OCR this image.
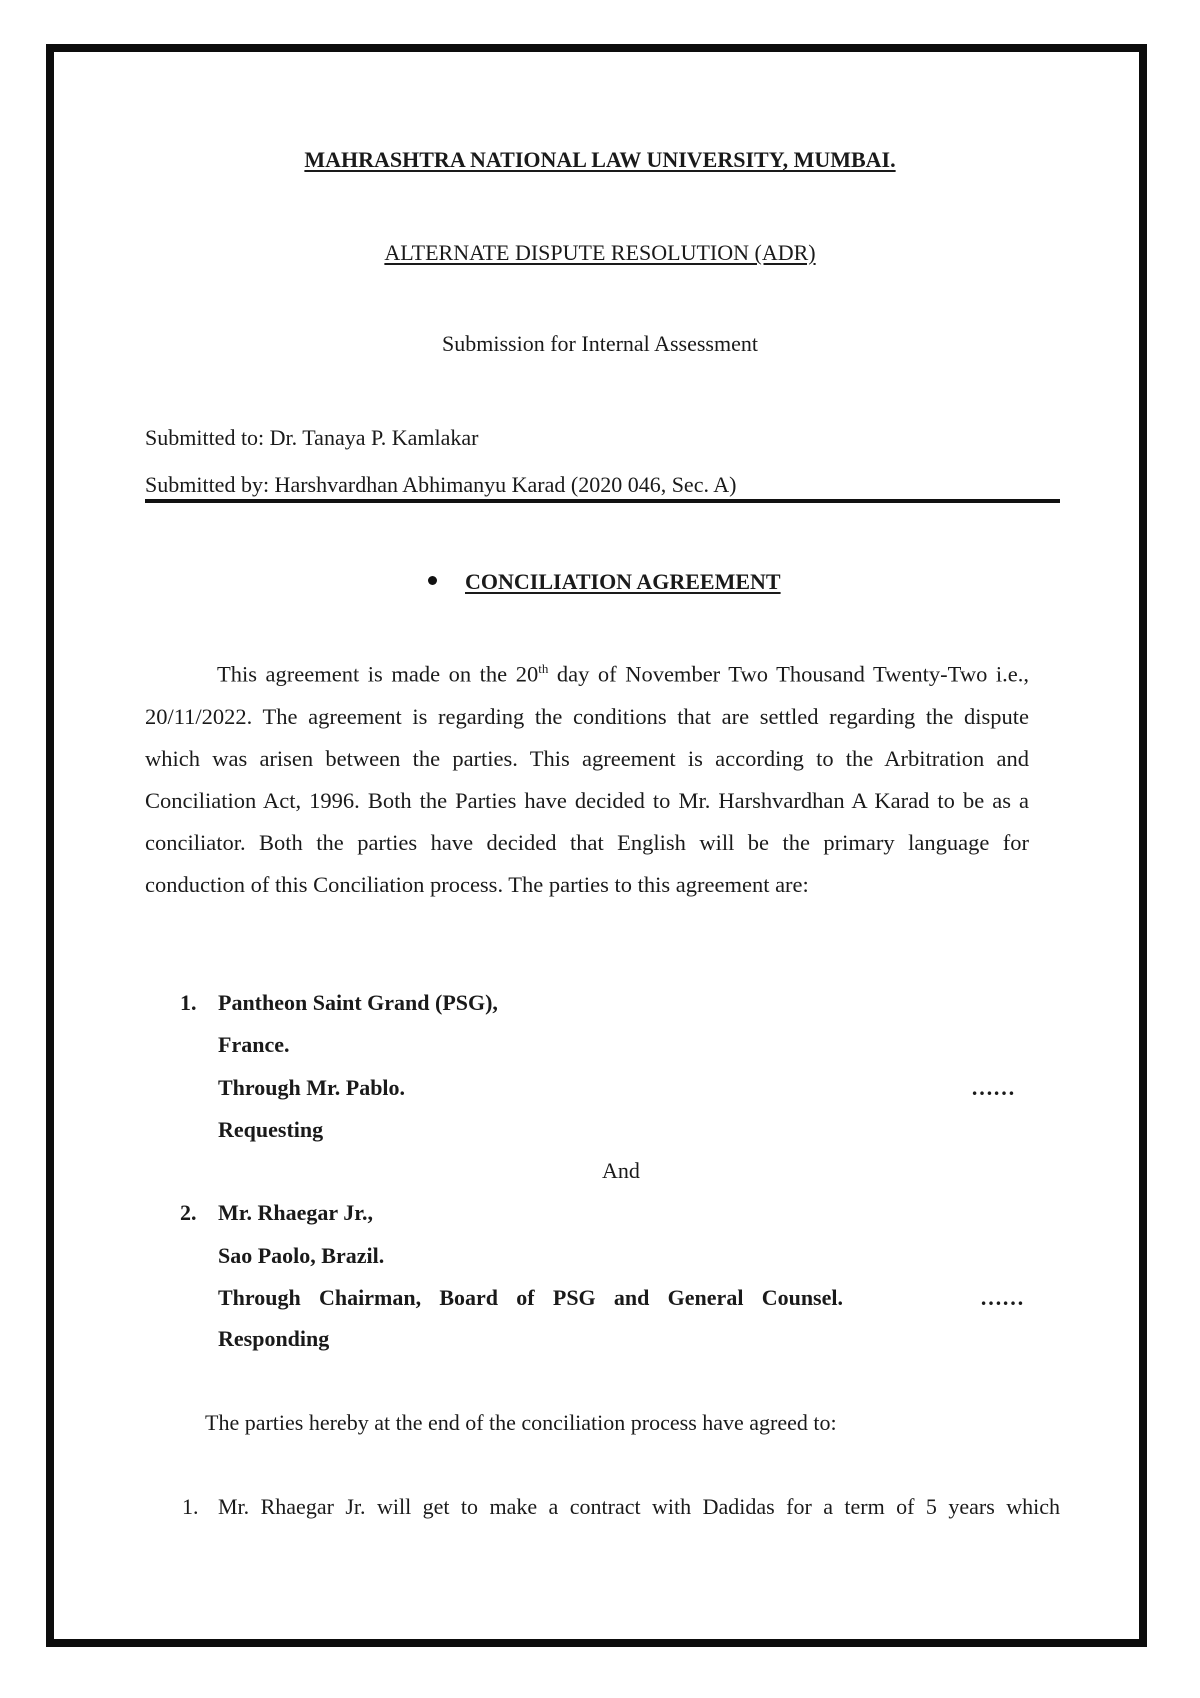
MAHRASHTRA NATIONAL LAW UNIVERSITY, MUMBAI.
ALTERNATE DISPUTE RESOLUTION (ADR)
Submission for Internal Assessment
Submitted to: Dr. Tanaya P. Kamlakar
Submitted by: Harshvardhan Abhimanyu Karad (2020 046, Sec. A)
CONCILIATION AGREEMENT
This agreement is made on the 20th day of November Two Thousand Twenty-Two i.e., 20/11/2022. The agreement is regarding the conditions that are settled regarding the dispute which was arisen between the parties. This agreement is according to the Arbitration and Conciliation Act, 1996. Both the Parties have decided to Mr. Harshvardhan A Karad to be as a conciliator. Both the parties have decided that English will be the primary language for conduction of this Conciliation process. The parties to this agreement are:
1. Pantheon Saint Grand (PSG),
France.
Through Mr. Pablo.	……
Requesting
And
2. Mr. Rhaegar Jr.,
Sao Paolo, Brazil.
Through Chairman, Board of PSG and General Counsel.	……
Responding
The parties hereby at the end of the conciliation process have agreed to:
1. Mr. Rhaegar Jr. will get to make a contract with Dadidas for a term of 5 years which
